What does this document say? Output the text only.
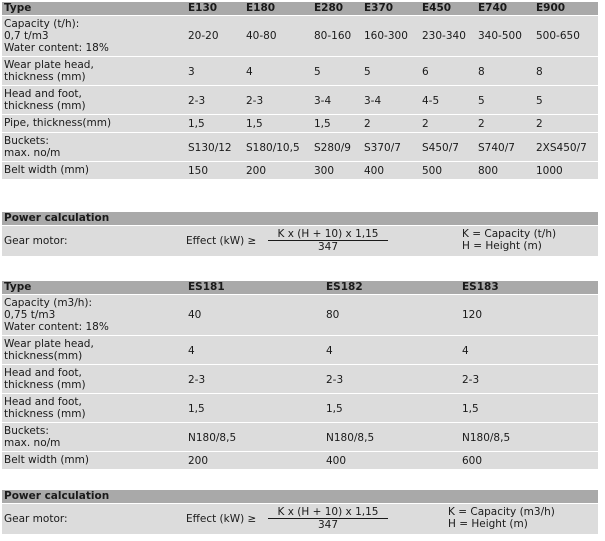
Type	E130	E180	E280 E370	E450	E740	E900
Capacity (t/h):
0,7 t/m3
Water content: 18%
20-20	40-80	80-160 160-300 230-340 340-500 500-650
Wear plate head,
thickness (mm)	3	4	5	5	6	8	8
Head and foot,
thickness (mm)	2-3	2-3	3-4	3-4	4-5	5	5
Pipe, thickness(mm)	1,5	1,5	1,5	2	2	2	2
Buckets:
max. no/m	S130/12 S180/10,5 S280/9 S370/7 S450/7 S740/7 2XS450/7
Belt width (mm)	150	200	300	400	500	800	1000
Power calculation
Gear motor:	Effect (kW) ≥
K x (H + 10) x 1,15
347
K = Capacity (t/h)
H = Height (m)
Type	ES181	ES182	ES183
Capacity (m3/h):
0,75 t/m3
Water content: 18%
40	80	120
Wear plate head,
thickness(mm)	4	4	4
Head and foot,
thickness (mm)	2-3	2-3	2-3
Head and foot,
thickness (mm)	1,5	1,5	1,5
Buckets:
max. no/m	N180/8,5	N180/8,5	N180/8,5
Belt width (mm)	200	400	600
Power calculation
Gear motor:	Effect (kW) ≥
K x (H + 10) x 1,15
347
K = Capacity (m3/h)
H = Height (m)
